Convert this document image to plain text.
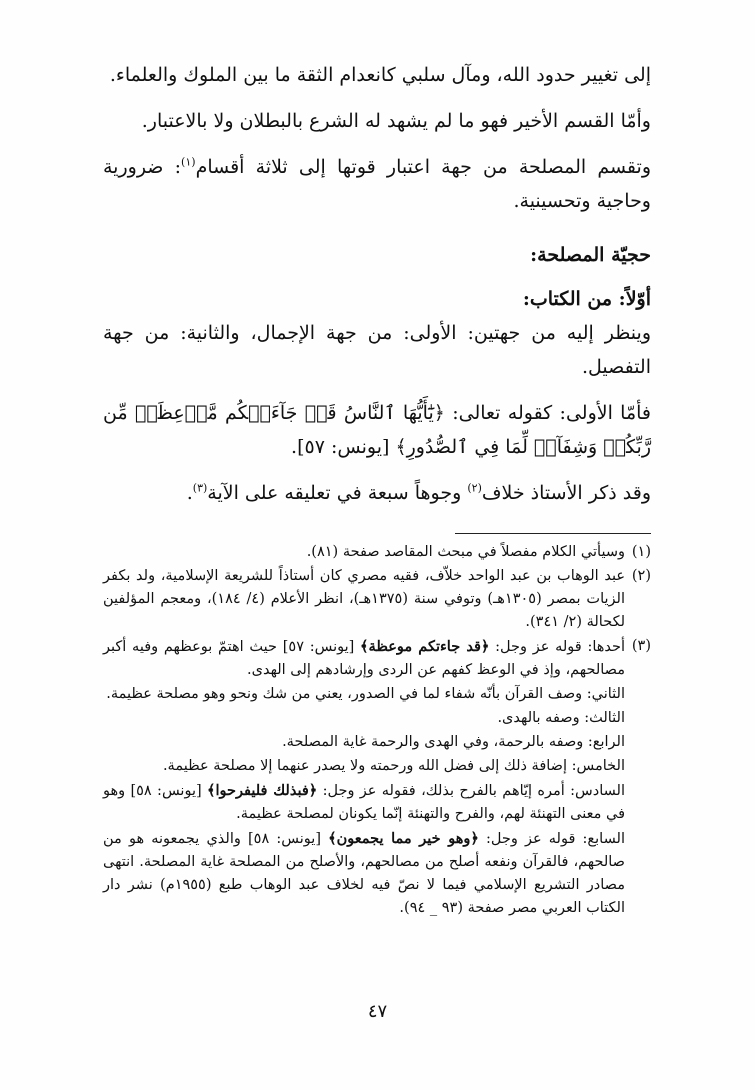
إلى تغيير حدود الله، ومآل سلبي كانعدام الثقة ما بين الملوك والعلماء.

وأمّا القسم الأخير فهو ما لم يشهد له الشرع بالبطلان ولا بالاعتبار.

وتقسم المصلحة من جهة اعتبار قوتها إلى ثلاثة أقسام$^{(١)}$: ضرورية وحاجية وتحسينية.

حجيّة المصلحة:

أوّلاً: من الكتاب:

وينظر إليه من جهتين: الأولى: من جهة الإجمال، والثانية: من جهة التفصيل.

فأمّا الأولى: كقوله تعالى: ﴿يَٰٓأَيُّهَا ٱلنَّاسُ قَدۡ جَآءَتۡكُم مَّوۡعِظَةٞ مِّن رَّبِّكُمۡ وَشِفَآءٞ لِّمَا فِي ٱلصُّدُورِ﴾ [يونس: ٥٧].

وقد ذكر الأستاذ خلاف$^{(٢)}$ وجوهاً سبعة في تعليقه على الآية$^{(٣)}$.

(١)
وسيأتي الكلام مفصلاً في مبحث المقاصد صفحة (٨١).
(٢)
عبد الوهاب بن عبد الواحد خلاّف، فقيه مصري كان أستاذاً للشريعة الإسلامية، ولد بكفر الزيات بمصر (١٣٠٥هـ) وتوفي سنة (١٣٧٥هـ)، انظر الأعلام (٤/ ١٨٤)، ومعجم المؤلفين لكحالة (٢/ ٣٤١).
(٣)
أحدها: قوله عز وجل: ﴿قد جاءتكم موعظة﴾ [يونس: ٥٧] حيث اهتمّ بوعظهم وفيه أكبر مصالحهم، وإذ في الوعظ كفهم عن الردى وإرشادهم إلى الهدى.
الثاني: وصف القرآن بأنّه شفاء لما في الصدور، يعني من شك ونحو وهو مصلحة عظيمة.
الثالث: وصفه بالهدى.
الرابع: وصفه بالرحمة، وفي الهدى والرحمة غاية المصلحة.
الخامس: إضافة ذلك إلى فضل الله ورحمته ولا يصدر عنهما إلا مصلحة عظيمة.
السادس: أمره إيّاهم بالفرح بذلك، فقوله عز وجل: ﴿فبذلك فليفرحوا﴾ [يونس: ٥٨] وهو في معنى التهنئة لهم، والفرح والتهنئة إنّما يكونان لمصلحة عظيمة.
السابع: قوله عز وجل: ﴿وهو خير مما يجمعون﴾ [يونس: ٥٨] والذي يجمعونه هو من صالحهم، فالقرآن ونفعه أصلح من مصالحهم، والأصلح من المصلحة غاية المصلحة. انتهى مصادر التشريع الإسلامي فيما لا نصّ فيه لخلاف عبد الوهاب طبع (١٩٥٥م) نشر دار الكتاب العربي مصر صفحة (٩٣ _ ٩٤).
٤٧
